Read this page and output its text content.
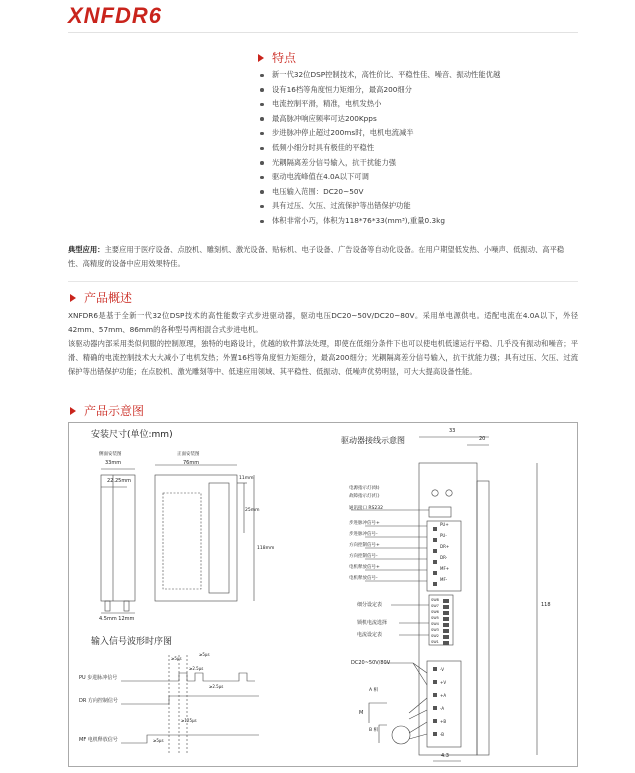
XNFDR6
特点
新一代32位DSP控制技术，高性价比、平稳性佳、噪音、振动性能优越
设有16档等角度恒力矩细分，最高200细分
电流控制平滑，精准，电机发热小
最高脉冲响应频率可达200Kpps
步进脉冲停止超过200ms时，电机电流减半
低频小细分时具有极佳的平稳性
光耦隔离差分信号输入，抗干扰能力强
驱动电流峰值在4.0A以下可调
电压输入范围：DC20~50V
具有过压、欠压、过流保护等出错保护功能
体积非常小巧，体积为118*76*33(mm³),重量0.3kg
典型应用：主要应用于医疗设备、点胶机、雕刻机、激光设备、贴标机、电子设备、广告设备等自动化设备。在用户期望低发热、小噪声、低振动、高平稳性、高精度的设备中应用效果特佳。
产品概述
XNFDR6是基于全新一代32位DSP技术的高性能数字式步进驱动器，驱动电压DC20~50V/DC20~80V。采用单电源供电。适配电流在4.0A以下，外径42mm、57mm、86mm的各种型号两相混合式步进电机。
该驱动器内部采用类似伺服的控制原理，独特的电路设计，优越的软件算法处理，即使在低细分条件下也可以使电机低速运行平稳、几乎没有振动和噪音；平滑、精确的电流控制技术大大减小了电机发热；外置16档等角度恒力矩细分，最高200细分；光耦隔离差分信号输入，抗干扰能力强；具有过压、欠压、过流保护等出错保护功能；在点胶机、激光雕刻等中、低速应用领域、其平稳性、低振动、低噪声优势明显，可大大提高设备性能。
产品示意图
安装尺寸(单位:mm)
侧面安装图
33mm
22.25mm
正面安装图
76mm
11mm
25mm
118mm
4.5mm 12mm
输入信号波形时序图
PU 步进脉冲信号
DR 方向控制信号
MF 电机释放信号
≥5μs
≥5μs
≥2.5μs
≥2.5μs
≥125μs
≥5μs
驱动器接线示意图
33
20
118
4.3
电源指示灯(绿)
故障指示灯(红)
通讯接口 RS232
步进脉冲信号+
步进脉冲信号-
方向控制信号+
方向控制信号-
电机释放信号+
电机释放信号-
PU+
PU-
DR+
DR-
MF+
MF-
SW8
SW7
SW6
SW5
SW4
SW3
SW2
SW1
细分设定表
锁机电流选择
电流设定表
DC20~50V/80V
-V
+V
+A
-A
+B
-B
A 相
B 相
M
